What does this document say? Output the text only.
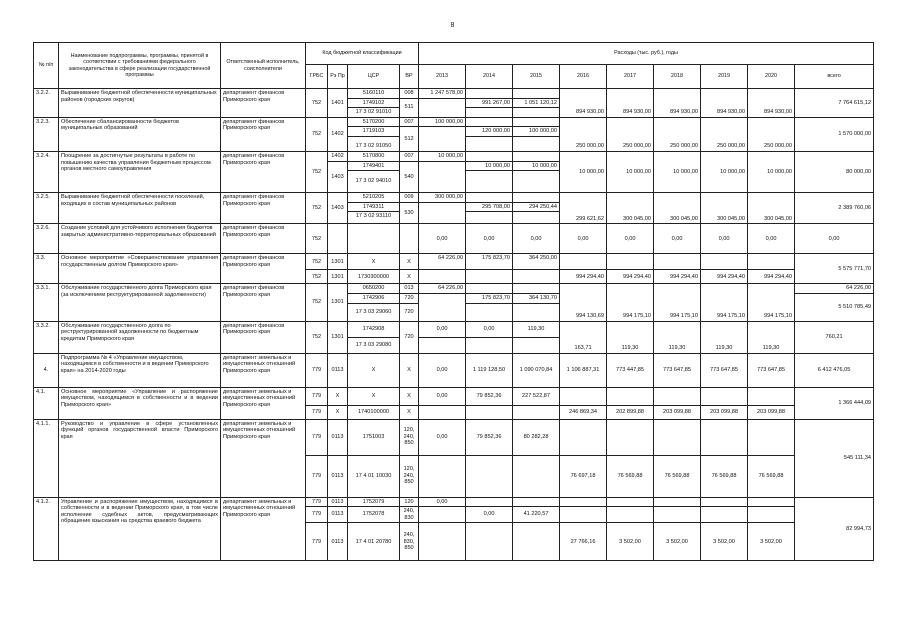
8
№ п/п	Наименование подпрограммы, программы, принятой в соответствии с требованиями федерального законодательства в сфере реализации государственной программы	Ответственный исполнитель, соисполнители	Код бюджетной классификации				Расходы (тыс. руб.), годы								
			ГРБС	Рз Пр	ЦСР	ВР	2013	2014	2015	2016	2017	2018	2019	2020	всего
3.2.2.	Выравнивание бюджетной обеспеченности муниципальных районов (городских округов)	департамент финансов Приморского края	752	1401	5160110	008	1 247 578,00			894 930,00	894 930,00	894 930,00	894 930,00	894 930,00	7 764 615,12
					1749102	511		991 267,00	1 051 120,12						
					17 3 02 91010										
3.2.3.	Обеспечение сбалансированности бюджетов муниципальных образований	департамент финансов Приморского края	752	1402	5170200	007	100 000,00			250 000,00	250 000,00	250 000,00	250 000,00	250 000,00	1 570 000,00
					1719103	512		120 000,00	100 000,00						
					17 3 02 91050										
3.2.4.	Поощрение за достигнутые результаты в работе по повышению качества управления бюджетным процессом органов местного самоуправления	департамент финансов Приморского края	752	1402	5170800	007	10 000,00			10 000,00	10 000,00	10 000,00	10 000,00	10 000,00	80 000,00
				1403	1749401	540		10 000,00	10 000,00						
					17 3 02 94010										
3.2.5.	Выравнивание бюджетной обеспеченности поселений, входящих в состав муниципальных районов	департамент финансов Приморского края	752	1403	5210205	009	300 000,00			299 621,62	300 045,00	300 045,00	300 045,00	300 045,00	2 389 760,06
					1749311	530		295 708,00	294 250,44						
					17 3 02 93110										
3.2.6.	Создание условий для устойчивого исполнения бюджетов закрытых административно-территориальных образований	департамент финансов Приморского края	752				0,00	0,00	0,00	0,00	0,00	0,00	0,00	0,00	0,00
3.3.	Основное мероприятие «Совершенствование управления государственным долгом Приморского края»	департамент финансов Приморского края	752	1301	Х	Х	64 226,00	175 823,70	364 250,00						5 575 771,70
			752	1301	1730300000	Х				994 294,40	994 294,40	994 294,40	994 294,40	994 294,40	
3.3.1.	Обслуживание государственного долга Приморского края (за исключением реструктурированной задолженности)	департамент финансов Приморского края	752	1301	0650200	013	64 226,00			994 130,69	994 175,10	994 175,10	994 175,10	994 175,10	64 226,00
					1742906	720		175 823,70	364 130,70						5 510 785,49
					17 3 03 29060	720									
3.3.2.	Обслуживание государственного долга по реструктурированной задолженности по бюджетным кредитам Приморского края	департамент финансов Приморского края	752	1301	1742908	720	0,00	0,00	119,30	163,71	119,30	119,30	119,30	119,30	760,21
					17 3 03 29080										
4.	Подпрограмма № 4 «Управление имуществом, находящимся в собственности и в ведении Приморского края» на 2014-2020 годы	департамент земельных и имущественных отношений Приморского края	779	0113	Х	Х	0,00	1 119 128,50	1 090 070,84	1 106 887,31	773 447,85	773 647,85	773 647,85	773 647,85	6 412 476,05
4.1.	Основное мероприятие «Управление и распоряжение имуществом, находящимся в собственности и в ведении Приморского края»	департамент земельных и имущественных отношений Приморского края	779	Х	Х	Х	0,00	79 852,36	227 522,87						1 366 444,09
			779	Х	1740100000	Х				246 869,34	202 899,88	203 099,88	203 099,88	203 099,88	
4.1.1.	Руководство и управление в сфере установленных функций органов государственной власти Приморского края	департамент земельных и имущественных отношений Приморского края	779	0113	1751003	120, 240, 850	0,00	79 852,36	80 282,28						545 111,34
			779	0113	17 4 01 10030	120, 240, 850				76 697,18	76 569,88	76 569,88	76 569,88	76 569,88	
4.1.2.	Управление и распоряжение имуществом, находящимся в собственности и в ведении Приморского края, в том числе исполнение судебных актов, предусматривающих обращение взыскания на средства краевого бюджета	департамент земельных и имущественных отношений Приморского края	779	0113	1752079	120	0,00								82 994,73
			779	0113	1752078	240, 830		0,00	41 220,57						
			779	0113	17 4 01 20780	240, 830, 850				27 766,16	3 502,00	3 502,00	3 502,00	3 502,00	
